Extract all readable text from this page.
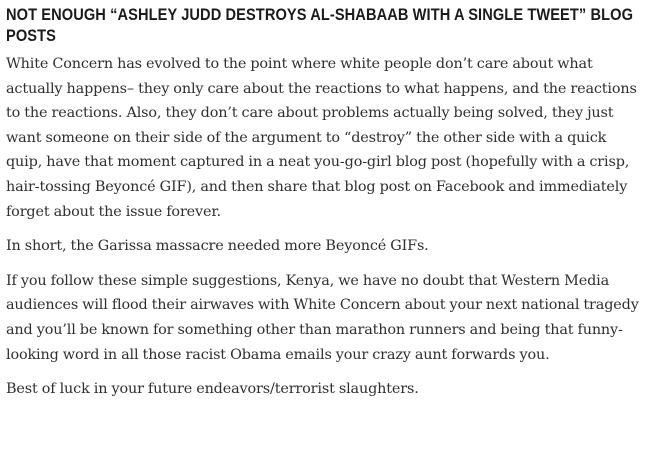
NOT ENOUGH “ASHLEY JUDD DESTROYS AL-SHABAAB WITH A SINGLE TWEET” BLOG POSTS

White Concern has evolved to the point where white people don’t care about what actually happens– they only care about the reactions to what happens, and the reactions to the reactions. Also, they don’t care about problems actually being solved, they just want someone on their side of the argument to “destroy” the other side with a quick quip, have that moment captured in a neat you-go-girl blog post (hopefully with a crisp, hair-tossing Beyoncé GIF), and then share that blog post on Facebook and immediately forget about the issue forever.

In short, the Garissa massacre needed more Beyoncé GIFs.

If you follow these simple suggestions, Kenya, we have no doubt that Western Media audiences will flood their airwaves with White Concern about your next national tragedy and you’ll be known for something other than marathon runners and being that funny-looking word in all those racist Obama emails your crazy aunt forwards you.

Best of luck in your future endeavors/terrorist slaughters.
